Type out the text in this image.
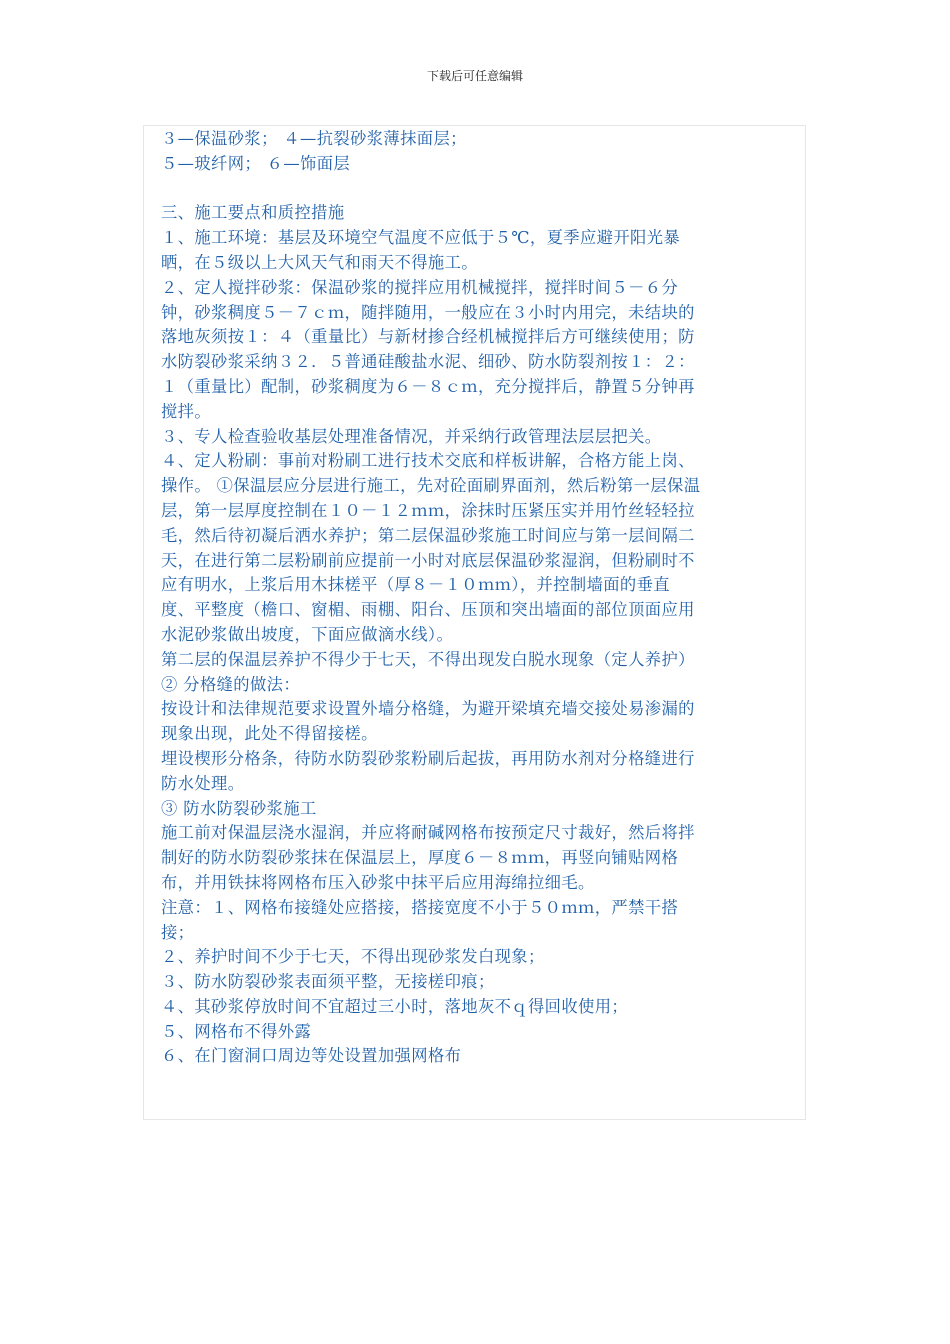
下载后可任意编辑
３—保温砂浆； ４—抗裂砂浆薄抹面层；
５—玻纤网； ６—饰面层
三、施工要点和质控措施
１、施工环境：基层及环境空气温度不应低于５℃，夏季应避开阳光暴
晒，在５级以上大风天气和雨天不得施工。
２、定人搅拌砂浆：保温砂浆的搅拌应用机械搅拌，搅拌时间５－６分
钟，砂浆稠度５－７ｃｍ，随拌随用，一般应在３小时内用完，未结块的
落地灰须按１：４（重量比）与新材掺合经机械搅拌后方可继续使用；防
水防裂砂浆采纳３２．５普通硅酸盐水泥、细砂、防水防裂剂按１：２：
１（重量比）配制，砂浆稠度为６－８ｃｍ，充分搅拌后，静置５分钟再
搅拌。
３、专人检查验收基层处理准备情况，并采纳行政管理法层层把关。
４、定人粉刷：事前对粉刷工进行技术交底和样板讲解，合格方能上岗、
操作。 ①保温层应分层进行施工，先对砼面刷界面剂，然后粉第一层保温
层，第一层厚度控制在１０－１２ｍｍ，涂抹时压紧压实并用竹丝轻轻拉
毛，然后待初凝后洒水养护；第二层保温砂浆施工时间应与第一层间隔二
天，在进行第二层粉刷前应提前一小时对底层保温砂浆湿润，但粉刷时不
应有明水，上浆后用木抹槎平（厚８－１０ｍｍ），并控制墙面的垂直
度、平整度（檐口、窗楣、雨棚、阳台、压顶和突出墙面的部位顶面应用
水泥砂浆做出坡度，下面应做滴水线）。
第二层的保温层养护不得少于七天，不得出现发白脱水现象（定人养护）
② 分格缝的做法：
按设计和法律规范要求设置外墙分格缝，为避开梁填充墙交接处易渗漏的
现象出现，此处不得留接槎。
埋设楔形分格条，待防水防裂砂浆粉刷后起拔，再用防水剂对分格缝进行
防水处理。
③ 防水防裂砂浆施工
施工前对保温层浇水湿润，并应将耐碱网格布按预定尺寸裁好，然后将拌
制好的防水防裂砂浆抹在保温层上，厚度６－８ｍｍ，再竖向铺贴网格
布，并用铁抹将网格布压入砂浆中抹平后应用海绵拉细毛。
注意：１、网格布接缝处应搭接，搭接宽度不小于５０ｍｍ，严禁干搭
接；
２、养护时间不少于七天，不得出现砂浆发白现象；
３、防水防裂砂浆表面须平整，无接槎印痕；
４、其砂浆停放时间不宜超过三小时，落地灰不ｑ得回收使用；
５、网格布不得外露
６、在门窗洞口周边等处设置加强网格布
